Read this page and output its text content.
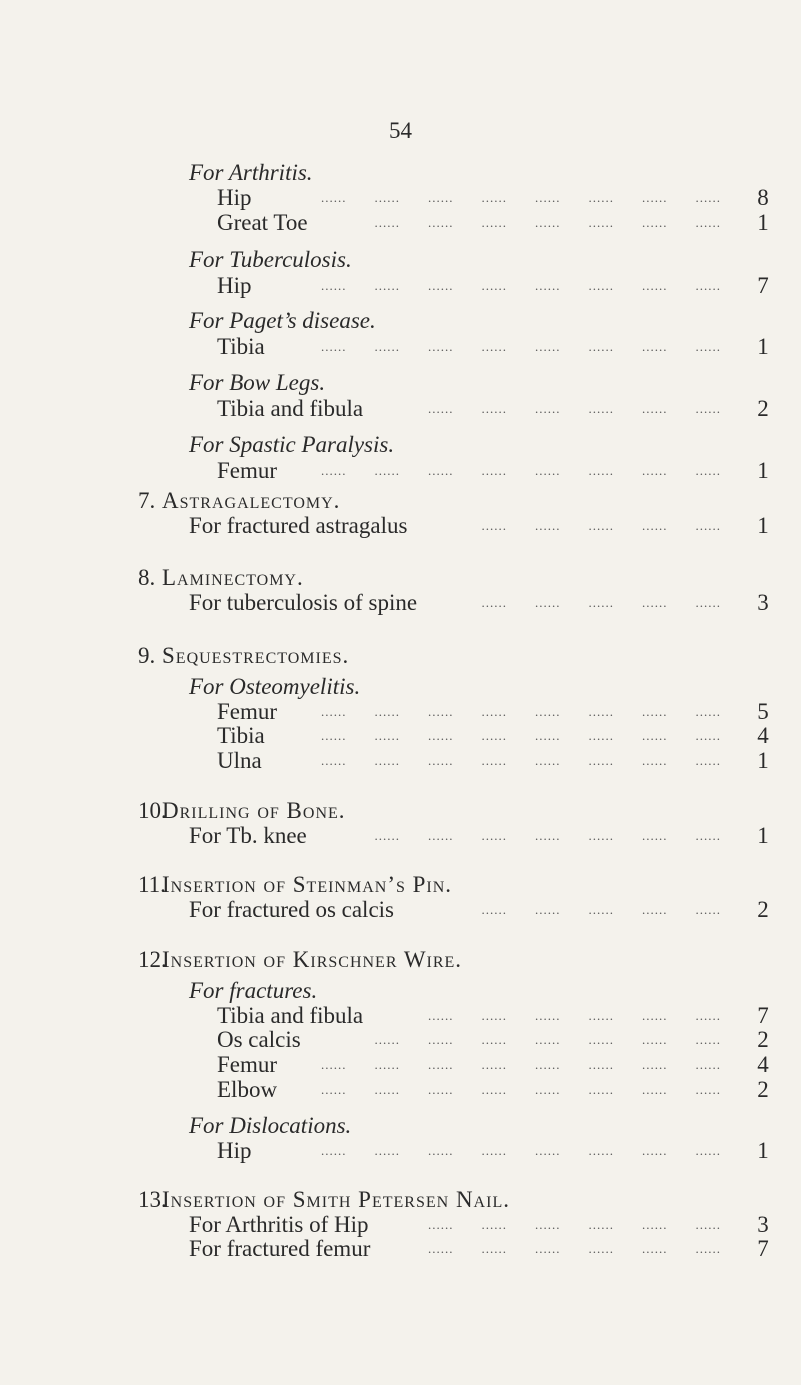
54
For Arthritis.
Hip	8
......  ......  ......  ......  ......  ......  ......  ......
Great Toe	1
......  ......  ......  ......  ......  ......  ......
For Tuberculosis.
Hip	7
......  ......  ......  ......  ......  ......  ......  ......
For Paget’s disease.
Tibia	1
......  ......  ......  ......  ......  ......  ......  ......
For Bow Legs.
Tibia and fibula	2
......  ......  ......  ......  ......  ......
For Spastic Paralysis.
Femur	1
......  ......  ......  ......  ......  ......  ......  ......
7. Astragalectomy.
For fractured astragalus	1
......  ......  ......  ......  ......
8. Laminectomy.
For tuberculosis of spine	3
......  ......  ......  ......  ......
9. Sequestrectomies.
For Osteomyelitis.
Femur	5
......  ......  ......  ......  ......  ......  ......  ......
Tibia	4
......  ......  ......  ......  ......  ......  ......  ......
Ulna	1
......  ......  ......  ......  ......  ......  ......  ......
10.
Drilling of Bone.
For Tb. knee	1
......  ......  ......  ......  ......  ......  ......
11.
Insertion of Steinman’s Pin.
For fractured os calcis	2
......  ......  ......  ......  ......
12.
Insertion of Kirschner Wire.
For fractures.
Tibia and fibula	7
......  ......  ......  ......  ......  ......
Os calcis	2
......  ......  ......  ......  ......  ......  ......
Femur	4
......  ......  ......  ......  ......  ......  ......  ......
Elbow	2
......  ......  ......  ......  ......  ......  ......  ......
For Dislocations.
Hip	1
......  ......  ......  ......  ......  ......  ......  ......
13.
Insertion of Smith Petersen Nail.
For Arthritis of Hip	3
......  ......  ......  ......  ......  ......
For fractured femur	7
......  ......  ......  ......  ......  ......
